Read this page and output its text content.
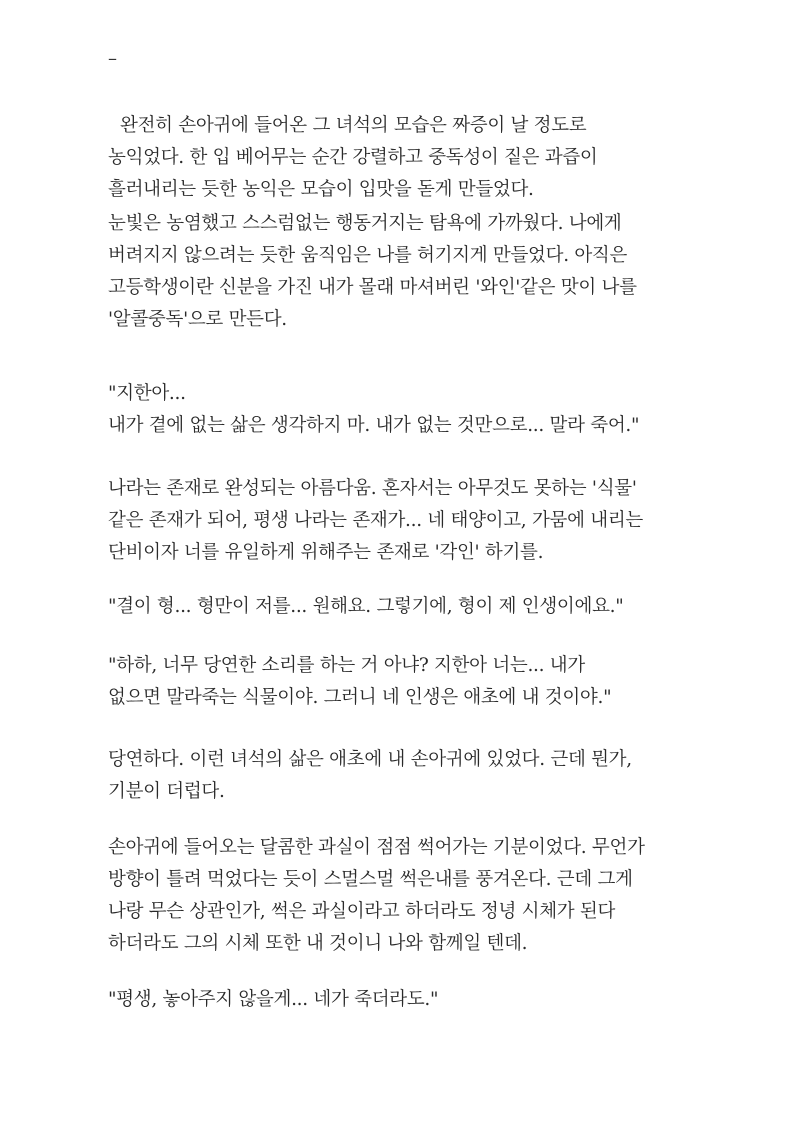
–
완전히 손아귀에 들어온 그 녀석의 모습은 짜증이 날 정도로
농익었다. 한 입 베어무는 순간 강렬하고 중독성이 짙은 과즙이
흘러내리는 듯한 농익은 모습이 입맛을 돋게 만들었다.
눈빛은 농염했고 스스럼없는 행동거지는 탐욕에 가까웠다. 나에게
버려지지 않으려는 듯한 움직임은 나를 허기지게 만들었다. 아직은
고등학생이란 신분을 가진 내가 몰래 마셔버린 '와인'같은 맛이 나를
'알콜중독'으로 만든다.
"지한아...
내가 곁에 없는 삶은 생각하지 마. 내가 없는 것만으로... 말라 죽어."
나라는 존재로 완성되는 아름다움. 혼자서는 아무것도 못하는 '식물'
같은 존재가 되어, 평생 나라는 존재가... 네 태양이고, 가뭄에 내리는
단비이자 너를 유일하게 위해주는 존재로 '각인' 하기를.
"결이 형... 형만이 저를... 원해요. 그렇기에, 형이 제 인생이에요."
"하하, 너무 당연한 소리를 하는 거 아냐? 지한아 너는... 내가
없으면 말라죽는 식물이야. 그러니 네 인생은 애초에 내 것이야."
당연하다. 이런 녀석의 삶은 애초에 내 손아귀에 있었다. 근데 뭔가,
기분이 더럽다.
손아귀에 들어오는 달콤한 과실이 점점 썩어가는 기분이었다. 무언가
방향이 틀려 먹었다는 듯이 스멀스멀 썩은내를 풍겨온다. 근데 그게
나랑 무슨 상관인가, 썩은 과실이라고 하더라도 정녕 시체가 된다
하더라도 그의 시체 또한 내 것이니 나와 함께일 텐데.
"평생, 놓아주지 않을게... 네가 죽더라도."
